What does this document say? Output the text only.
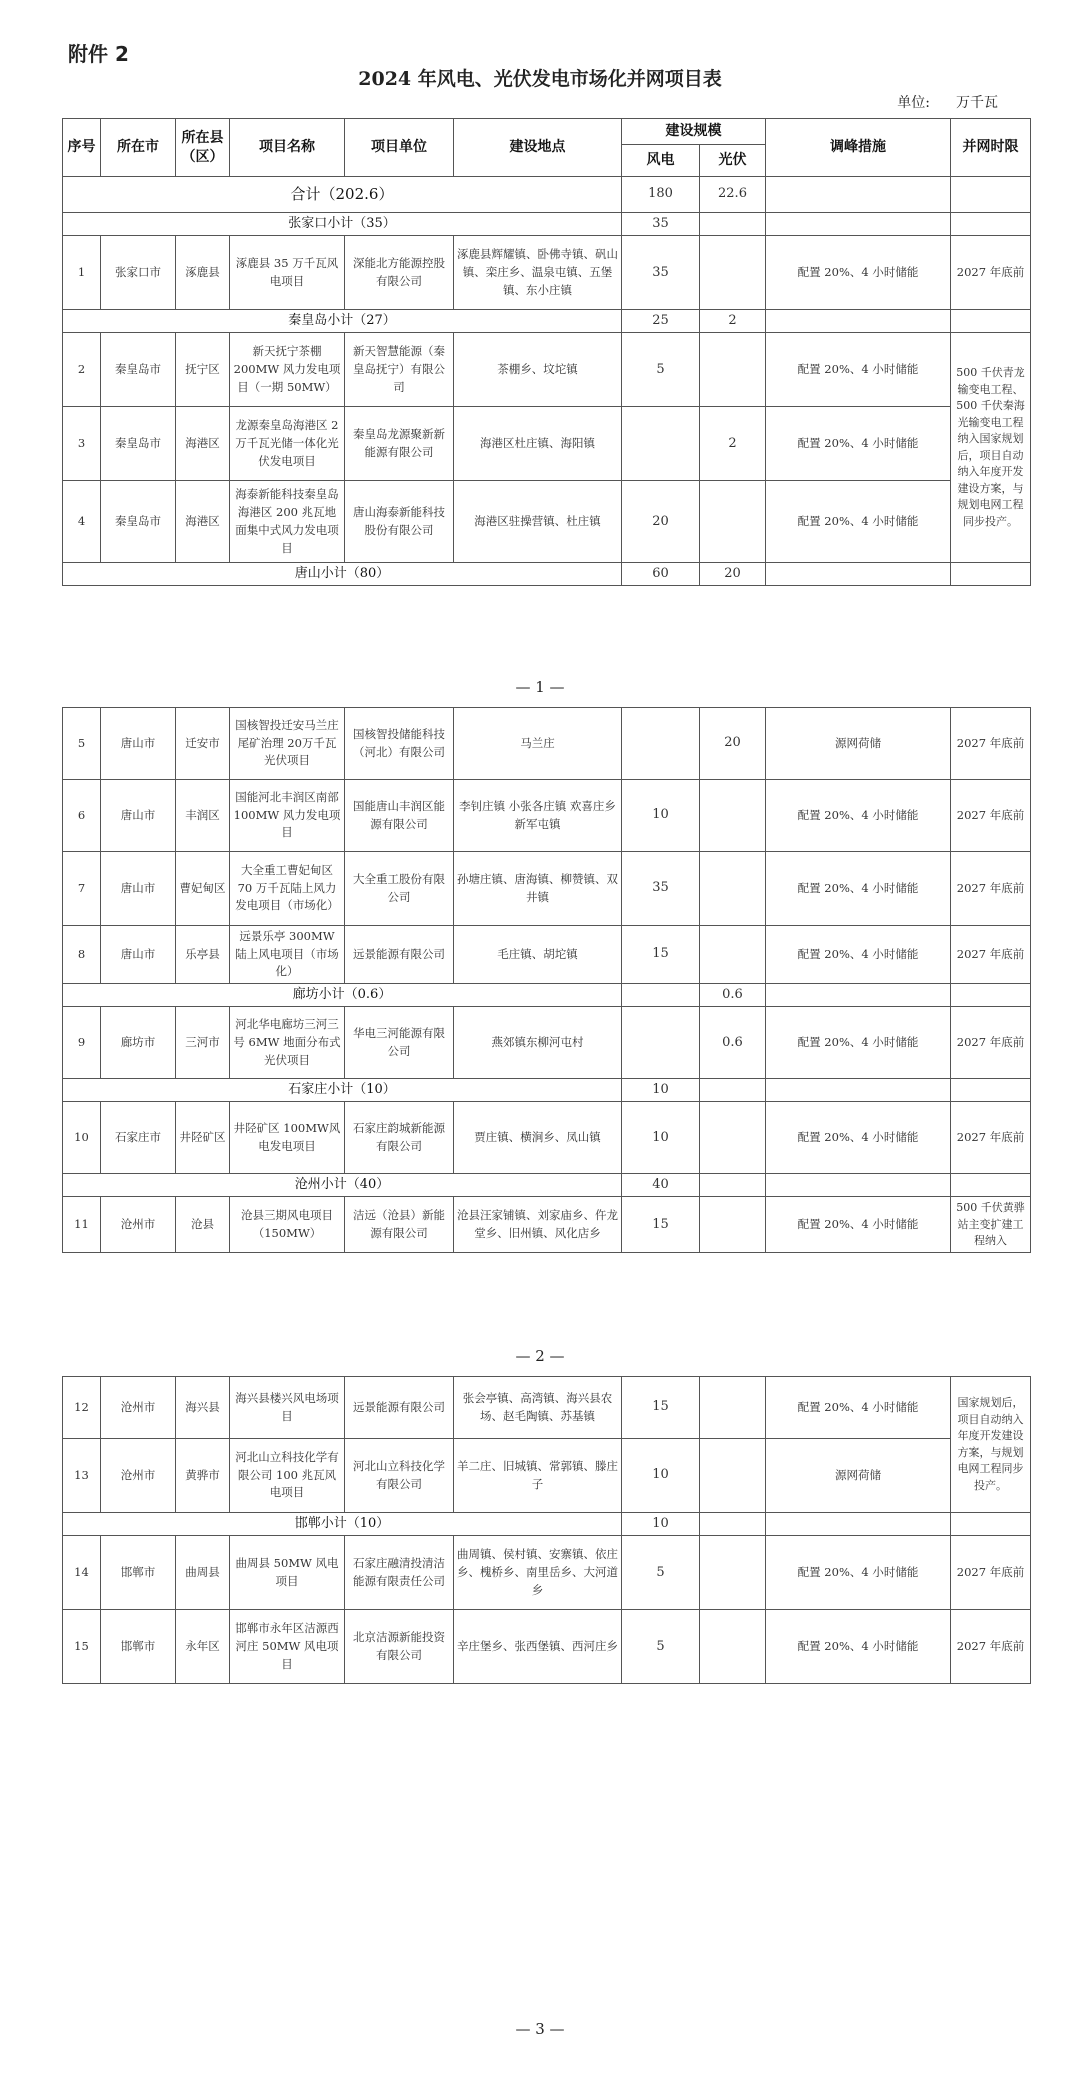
附件 2
2024 年风电、光伏发电市场化并网项目表
单位: 万千瓦
序号	所在市	所在县（区）	项目名称	项目单位	建设地点	建设规模		调峰措施	并网时限
						风电	光伏		
合计（202.6）						180	22.6		
张家口小计（35）						35			
1	张家口市	涿鹿县	涿鹿县 35 万千瓦风电项目	深能北方能源控股有限公司	涿鹿县辉耀镇、卧佛寺镇、矾山镇、栾庄乡、温泉屯镇、五堡镇、东小庄镇	35		配置 20%、4 小时储能	2027 年底前
秦皇岛小计（27）						25	2		
2	秦皇岛市	抚宁区	新天抚宁茶棚200MW 风力发电项目（一期 50MW）	新天智慧能源（秦皇岛抚宁）有限公司	茶棚乡、坟坨镇	5		配置 20%、4 小时储能	500 千伏青龙输变电工程、500 千伏秦海光输变电工程纳入国家规划后，项目自动纳入年度开发建设方案，与规划电网工程同步投产。
3	秦皇岛市	海港区	龙源秦皇岛海港区 2 万千瓦光储一体化光伏发电项目	秦皇岛龙源聚新新能源有限公司	海港区杜庄镇、海阳镇		2	配置 20%、4 小时储能	
4	秦皇岛市	海港区	海泰新能科技秦皇岛海港区 200 兆瓦地面集中式风力发电项目	唐山海泰新能科技股份有限公司	海港区驻操营镇、杜庄镇	20		配置 20%、4 小时储能	
唐山小计（80）						60	20		
— 1 —
5	唐山市	迁安市	国核智投迁安马兰庄尾矿治理 20万千瓦光伏项目	国核智投储能科技（河北）有限公司	马兰庄		20	源网荷储	2027 年底前
6	唐山市	丰润区	国能河北丰润区南部 100MW 风力发电项目	国能唐山丰润区能源有限公司	李钊庄镇 小张各庄镇 欢喜庄乡 新军屯镇	10		配置 20%、4 小时储能	2027 年底前
7	唐山市	曹妃甸区	大全重工曹妃甸区 70 万千瓦陆上风力发电项目（市场化）	大全重工股份有限公司	孙塘庄镇、唐海镇、柳赞镇、双井镇	35		配置 20%、4 小时储能	2027 年底前
8	唐山市	乐亭县	远景乐亭 300MW 陆上风电项目（市场化）	远景能源有限公司	毛庄镇、胡坨镇	15		配置 20%、4 小时储能	2027 年底前
廊坊小计（0.6）							0.6		
9	廊坊市	三河市	河北华电廊坊三河三号 6MW 地面分布式光伏项目	华电三河能源有限公司	燕郊镇东柳河屯村		0.6	配置 20%、4 小时储能	2027 年底前
石家庄小计（10）						10			
10	石家庄市	井陉矿区	井陉矿区 100MW风电发电项目	石家庄韵城新能源有限公司	贾庄镇、横涧乡、凤山镇	10		配置 20%、4 小时储能	2027 年底前
沧州小计（40）						40			
11	沧州市	沧县	沧县三期风电项目（150MW）	洁远（沧县）新能源有限公司	沧县汪家铺镇、刘家庙乡、仵龙堂乡、旧州镇、风化店乡	15		配置 20%、4 小时储能	500 千伏黄骅站主变扩建工程纳入
— 2 —
12	沧州市	海兴县	海兴县楼兴风电场项目	远景能源有限公司	张会亭镇、高湾镇、海兴县农场、赵毛陶镇、苏基镇	15		配置 20%、4 小时储能	国家规划后，项目自动纳入年度开发建设方案，与规划电网工程同步投产。
13	沧州市	黄骅市	河北山立科技化学有限公司 100 兆瓦风电项目	河北山立科技化学有限公司	羊二庄、旧城镇、常郭镇、滕庄子	10		源网荷储	
邯郸小计（10）						10			
14	邯郸市	曲周县	曲周县 50MW 风电项目	石家庄融清投清洁能源有限责任公司	曲周镇、侯村镇、安寨镇、依庄乡、槐桥乡、南里岳乡、大河道乡	5		配置 20%、4 小时储能	2027 年底前
15	邯郸市	永年区	邯郸市永年区洁源西河庄 50MW 风电项目	北京洁源新能投资有限公司	辛庄堡乡、张西堡镇、西河庄乡	5		配置 20%、4 小时储能	2027 年底前
— 3 —
